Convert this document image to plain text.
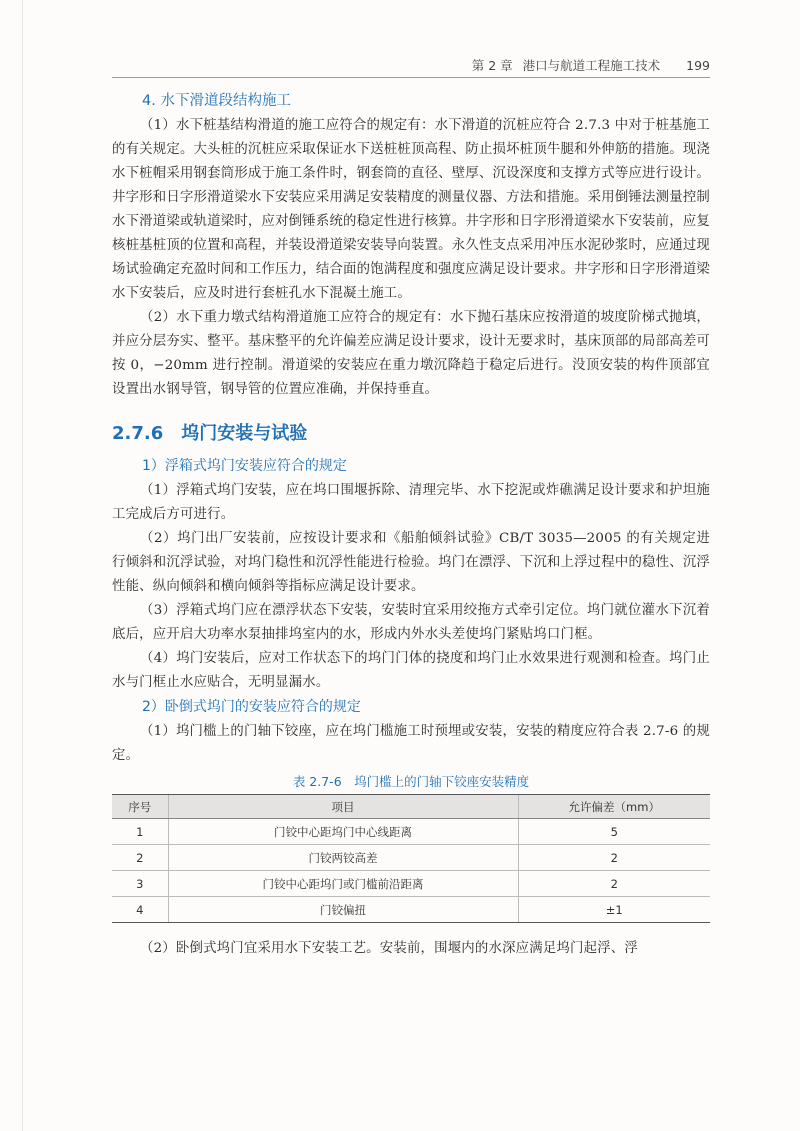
第 2 章 港口与航道工程施工技术 199
4. 水下滑道段结构施工

（1）水下桩基结构滑道的施工应符合的规定有：水下滑道的沉桩应符合 2.7.3 中对于桩基施工的有关规定。大头桩的沉桩应采取保证水下送桩桩顶高程、防止损坏桩顶牛腿和外伸筋的措施。现浇水下桩帽采用钢套筒形成于施工条件时，钢套筒的直径、壁厚、沉设深度和支撑方式等应进行设计。井字形和日字形滑道梁水下安装应采用满足安装精度的测量仪器、方法和措施。采用倒锤法测量控制水下滑道梁或轨道梁时，应对倒锤系统的稳定性进行核算。井字形和日字形滑道梁水下安装前，应复核桩基桩顶的位置和高程，并装设滑道梁安装导向装置。永久性支点采用冲压水泥砂浆时，应通过现场试验确定充盈时间和工作压力，结合面的饱满程度和强度应满足设计要求。井字形和日字形滑道梁水下安装后，应及时进行套桩孔水下混凝土施工。

（2）水下重力墩式结构滑道施工应符合的规定有：水下抛石基床应按滑道的坡度阶梯式抛填，并应分层夯实、整平。基床整平的允许偏差应满足设计要求，设计无要求时，基床顶部的局部高差可按 0，−20mm 进行控制。滑道梁的安装应在重力墩沉降趋于稳定后进行。没顶安装的构件顶部宜设置出水钢导管，钢导管的位置应准确，并保持垂直。

2.7.6 坞门安装与试验
1）浮箱式坞门安装应符合的规定

（1）浮箱式坞门安装，应在坞口围堰拆除、清理完毕、水下挖泥或炸礁满足设计要求和护坦施工完成后方可进行。

（2）坞门出厂安装前，应按设计要求和《船舶倾斜试验》CB/T 3035—2005 的有关规定进行倾斜和沉浮试验，对坞门稳性和沉浮性能进行检验。坞门在漂浮、下沉和上浮过程中的稳性、沉浮性能、纵向倾斜和横向倾斜等指标应满足设计要求。

（3）浮箱式坞门应在漂浮状态下安装，安装时宜采用绞拖方式牵引定位。坞门就位灌水下沉着底后，应开启大功率水泵抽排坞室内的水，形成内外水头差使坞门紧贴坞口门框。

（4）坞门安装后，应对工作状态下的坞门门体的挠度和坞门止水效果进行观测和检查。坞门止水与门框止水应贴合，无明显漏水。

2）卧倒式坞门的安装应符合的规定

（1）坞门槛上的门轴下铰座，应在坞门槛施工时预埋或安装，安装的精度应符合表 2.7-6 的规定。

表 2.7-6　坞门槛上的门轴下铰座安装精度
序号	项目	允许偏差（mm）
1	门铰中心距坞门中心线距离	5
2	门铰两铰高差	2
3	门铰中心距坞门或门槛前沿距离	2
4	门铰偏扭	±1

（2）卧倒式坞门宜采用水下安装工艺。安装前，围堰内的水深应满足坞门起浮、浮
